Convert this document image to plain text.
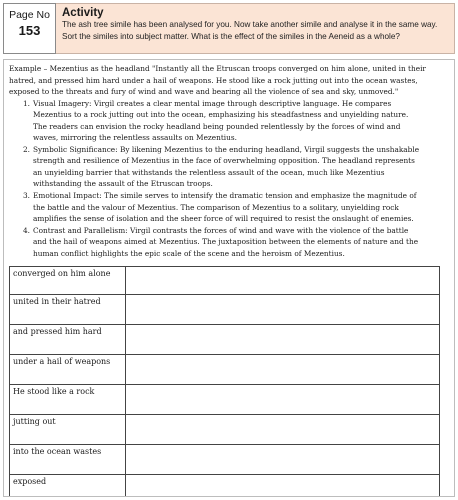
Page No
153
Activity
The ash tree simile has been analysed for you. Now take another simile and analyse it in the same way.
Sort the similes into subject matter. What is the effect of the similes in the Aeneid as a whole?
Example – Mezentius as the headland "Instantly all the Etruscan troops converged on him alone, united in their
hatred, and pressed him hard under a hail of weapons. He stood like a rock jutting out into the ocean wastes,
exposed to the threats and fury of wind and wave and bearing all the violence of sea and sky, unmoved."
1. Visual Imagery: Virgil creates a clear mental image through descriptive language. He compares
Mezentius to a rock jutting out into the ocean, emphasizing his steadfastness and unyielding nature.
The readers can envision the rocky headland being pounded relentlessly by the forces of wind and
waves, mirroring the relentless assaults on Mezentius.
2. Symbolic Significance: By likening Mezentius to the enduring headland, Virgil suggests the unshakable
strength and resilience of Mezentius in the face of overwhelming opposition. The headland represents
an unyielding barrier that withstands the relentless assault of the ocean, much like Mezentius
withstanding the assault of the Etruscan troops.
3. Emotional Impact: The simile serves to intensify the dramatic tension and emphasize the magnitude of
the battle and the valour of Mezentius. The comparison of Mezentius to a solitary, unyielding rock
amplifies the sense of isolation and the sheer force of will required to resist the onslaught of enemies.
4. Contrast and Parallelism: Virgil contrasts the forces of wind and wave with the violence of the battle
and the hail of weapons aimed at Mezentius. The juxtaposition between the elements of nature and the
human conflict highlights the epic scale of the scene and the heroism of Mezentius.
converged on him alone	
united in their hatred	
and pressed him hard	
under a hail of weapons	
He stood like a rock	
jutting out	
into the ocean wastes	
exposed	
